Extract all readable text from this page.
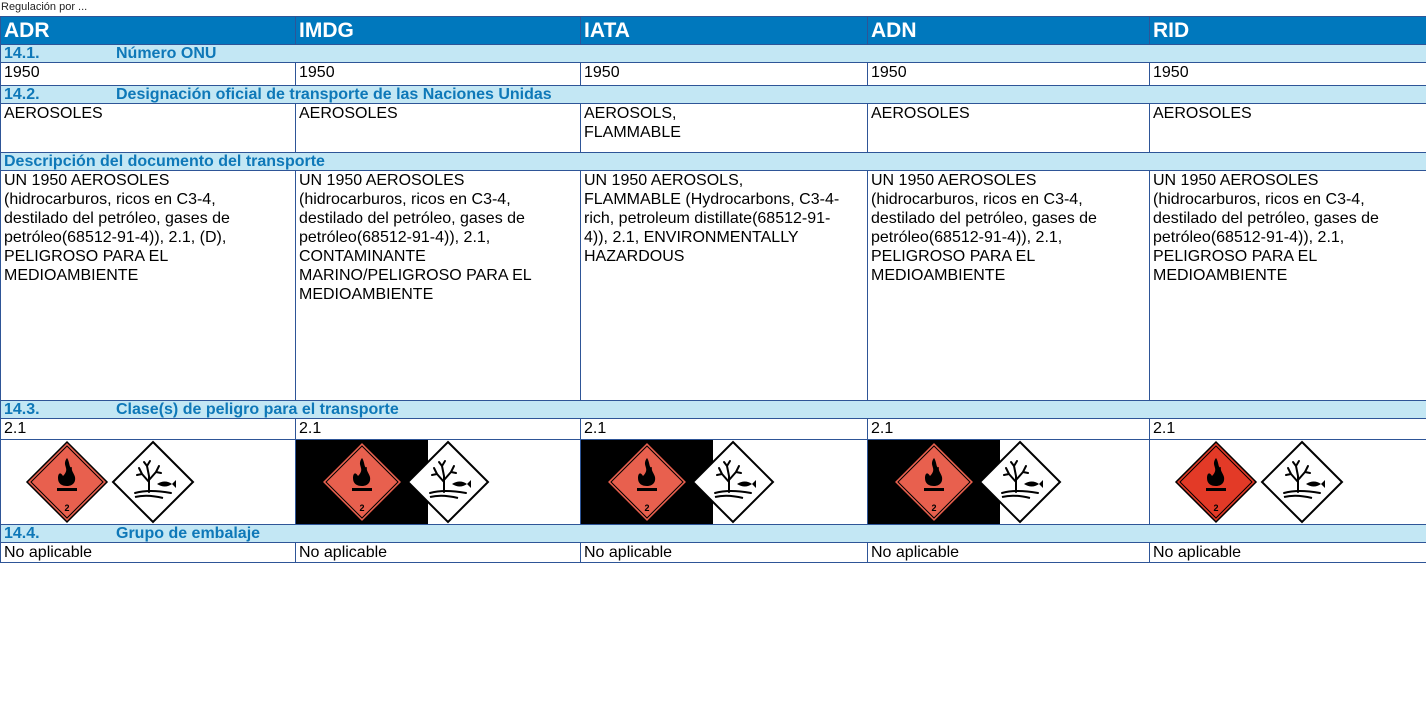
Regulación por ...
ADR	IMDG	IATA	ADN	RID
14.1. Número ONU				
1950	1950	1950	1950	1950
14.2. Designación oficial de transporte de las Naciones Unidas				
AEROSOLES	AEROSOLES	AEROSOLS, FLAMMABLE	AEROSOLES	AEROSOLES
Descripción del documento del transporte				
UN 1950 AEROSOLES (hidrocarburos, ricos en C3-4, destilado del petróleo, gases de petróleo(68512-91-4)), 2.1, (D), PELIGROSO PARA EL MEDIOAMBIENTE	UN 1950 AEROSOLES (hidrocarburos, ricos en C3-4, destilado del petróleo, gases de petróleo(68512-91-4)), 2.1, CONTAMINANTE MARINO/PELIGROSO PARA EL MEDIOAMBIENTE	UN 1950 AEROSOLS, FLAMMABLE (Hydrocarbons, C3-4-rich, petroleum distillate(68512-91-4)), 2.1, ENVIRONMENTALLY HAZARDOUS	UN 1950 AEROSOLES (hidrocarburos, ricos en C3-4, destilado del petróleo, gases de petróleo(68512-91-4)), 2.1, PELIGROSO PARA EL MEDIOAMBIENTE	UN 1950 AEROSOLES (hidrocarburos, ricos en C3-4, destilado del petróleo, gases de petróleo(68512-91-4)), 2.1, PELIGROSO PARA EL MEDIOAMBIENTE
14.3. Clase(s) de peligro para el transporte				
2.1	2.1	2.1	2.1	2.1

2	2	2	2	2

14.4. Grupo de embalaje				
No aplicable	No aplicable	No aplicable	No aplicable	No aplicable
